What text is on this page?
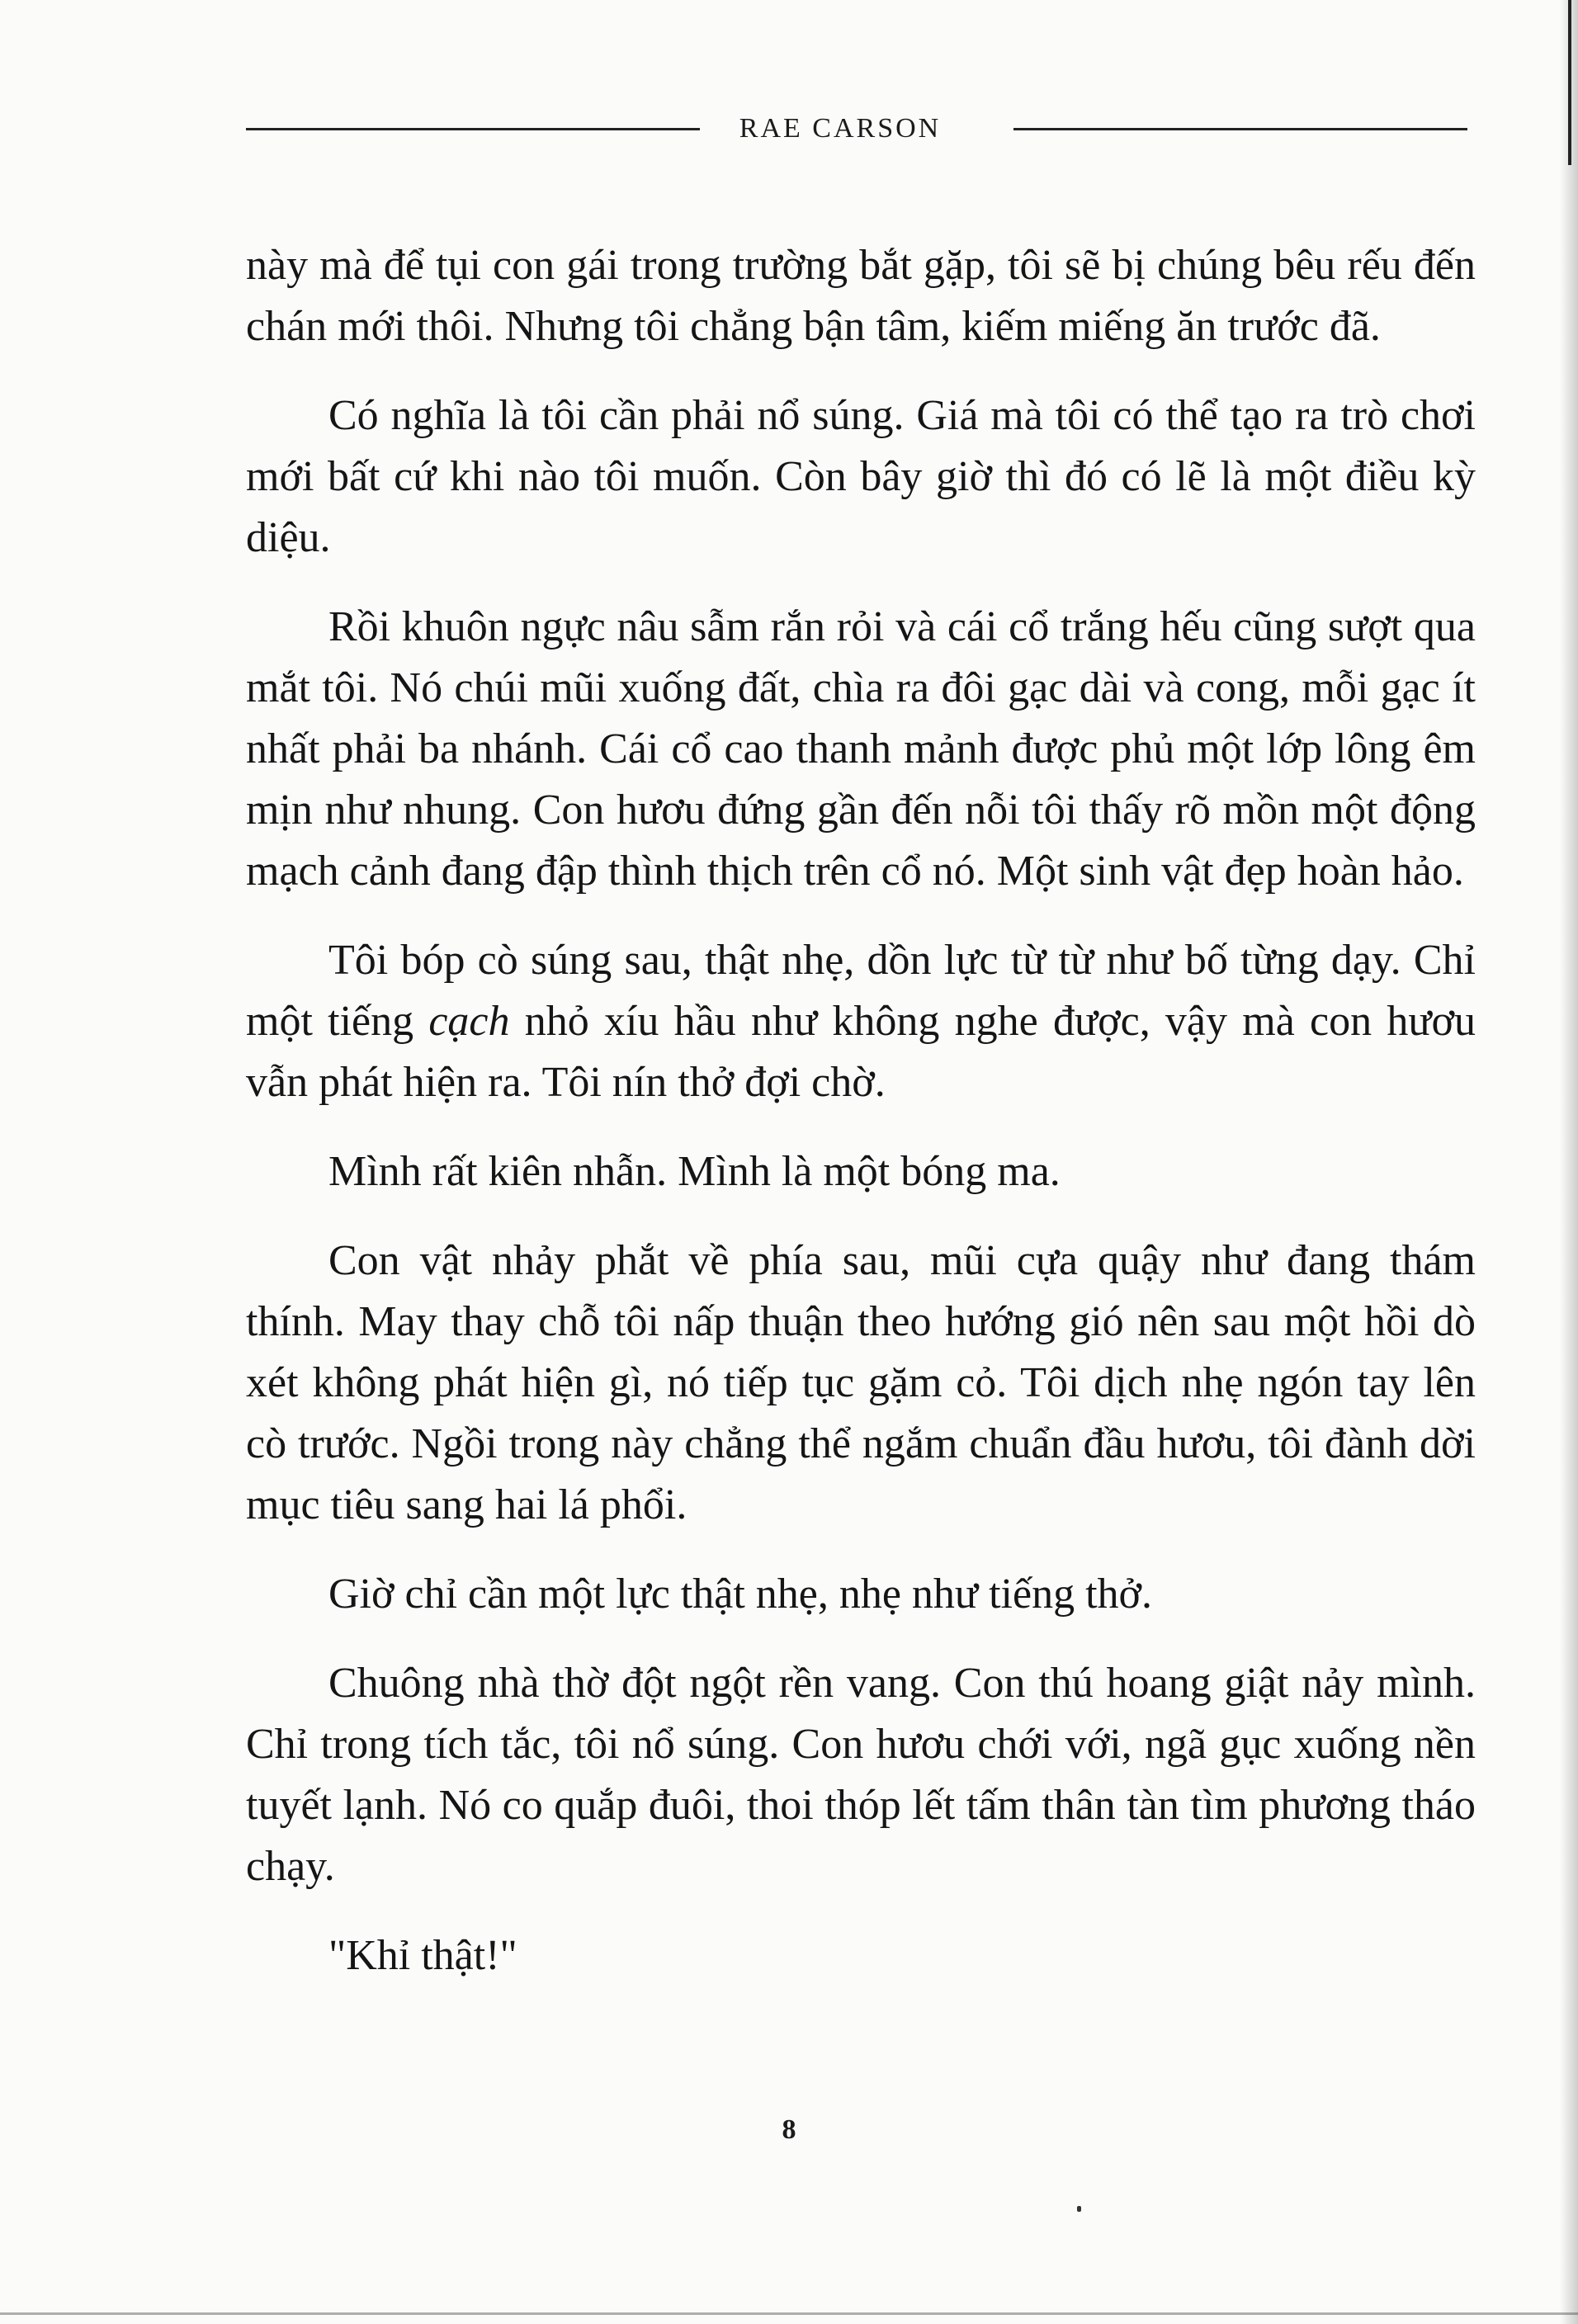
RAE CARSON

này mà để tụi con gái trong trường bắt gặp, tôi sẽ bị chúng bêu rếu đến chán mới thôi. Nhưng tôi chẳng bận tâm, kiếm miếng ăn trước đã.

Có nghĩa là tôi cần phải nổ súng. Giá mà tôi có thể tạo ra trò chơi mới bất cứ khi nào tôi muốn. Còn bây giờ thì đó có lẽ là một điều kỳ diệu.

Rồi khuôn ngực nâu sẫm rắn rỏi và cái cổ trắng hếu cũng sượt qua mắt tôi. Nó chúi mũi xuống đất, chìa ra đôi gạc dài và cong, mỗi gạc ít nhất phải ba nhánh. Cái cổ cao thanh mảnh được phủ một lớp lông êm mịn như nhung. Con hươu đứng gần đến nỗi tôi thấy rõ mồn một động mạch cảnh đang đập thình thịch trên cổ nó. Một sinh vật đẹp hoàn hảo.

Tôi bóp cò súng sau, thật nhẹ, dồn lực từ từ như bố từng dạy. Chỉ một tiếng cạch nhỏ xíu hầu như không nghe được, vậy mà con hươu vẫn phát hiện ra. Tôi nín thở đợi chờ.

Mình rất kiên nhẫn. Mình là một bóng ma.

Con vật nhảy phắt về phía sau, mũi cựa quậy như đang thám thính. May thay chỗ tôi nấp thuận theo hướng gió nên sau một hồi dò xét không phát hiện gì, nó tiếp tục gặm cỏ. Tôi dịch nhẹ ngón tay lên cò trước. Ngồi trong này chẳng thể ngắm chuẩn đầu hươu, tôi đành dời mục tiêu sang hai lá phổi.

Giờ chỉ cần một lực thật nhẹ, nhẹ như tiếng thở.

Chuông nhà thờ đột ngột rền vang. Con thú hoang giật nảy mình. Chỉ trong tích tắc, tôi nổ súng. Con hươu chới với, ngã gục xuống nền tuyết lạnh. Nó co quắp đuôi, thoi thóp lết tấm thân tàn tìm phương tháo chạy.

"Khỉ thật!"

8
